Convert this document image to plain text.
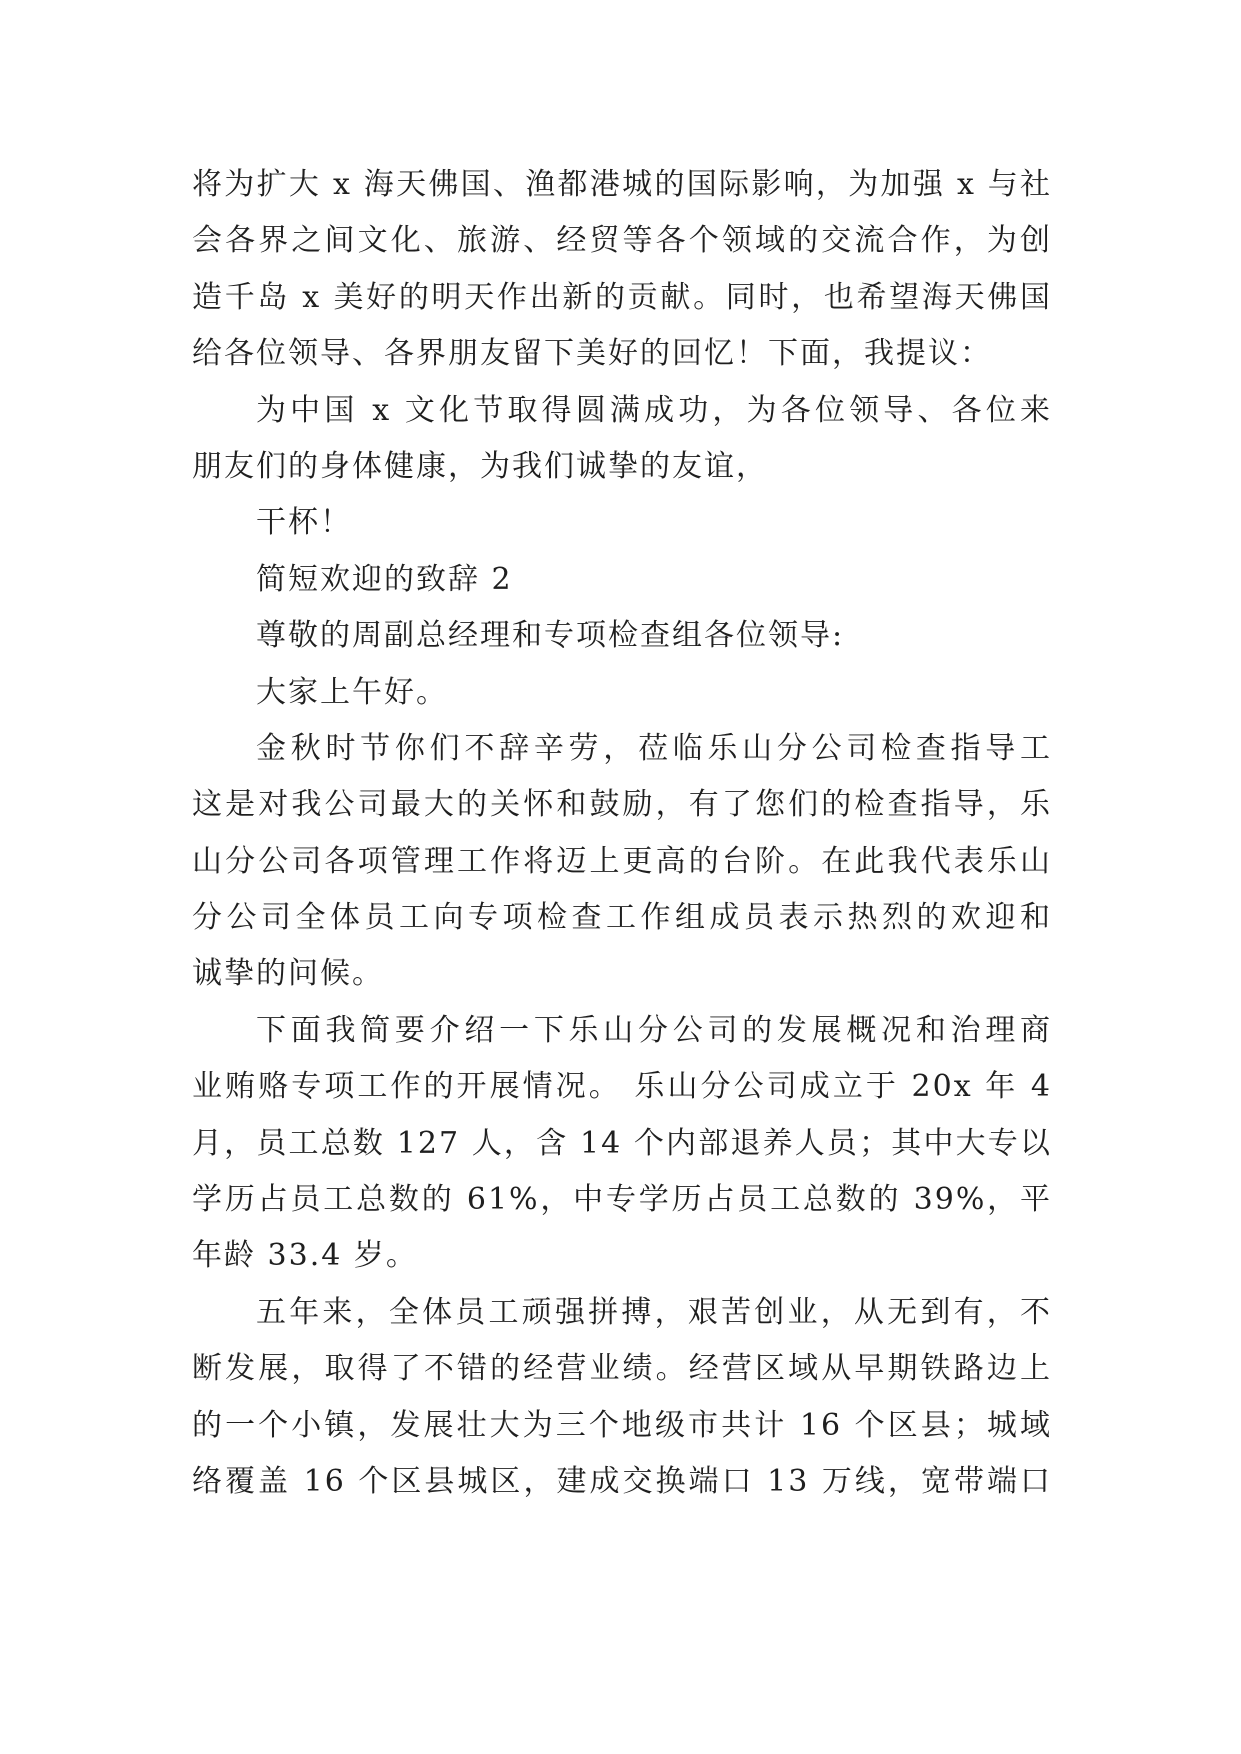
将为扩大 x 海天佛国、渔都港城的国际影响，为加强 x 与社
会各界之间文化、旅游、经贸等各个领域的交流合作，为创
造千岛 x 美好的明天作出新的贡献。同时，也希望海天佛国
给各位领导、各界朋友留下美好的回忆！下面，我提议：
为中国 x 文化节取得圆满成功，为各位领导、各位来
朋友们的身体健康，为我们诚挚的友谊，
干杯！
简短欢迎的致辞 2
尊敬的周副总经理和专项检查组各位领导:
大家上午好。
金秋时节你们不辞辛劳，莅临乐山分公司检查指导工
这是对我公司最大的关怀和鼓励，有了您们的检查指导，乐
山分公司各项管理工作将迈上更高的台阶。在此我代表乐山
分公司全体员工向专项检查工作组成员表示热烈的欢迎和
诚挚的问候。
下面我简要介绍一下乐山分公司的发展概况和治理商
业贿赂专项工作的开展情况。 乐山分公司成立于 20x 年 4
月，员工总数 127 人，含 14 个内部退养人员；其中大专以
学历占员工总数的 61%，中专学历占员工总数的 39%，平
年龄 33.4 岁。
五年来，全体员工顽强拼搏，艰苦创业，从无到有，不
断发展，取得了不错的经营业绩。经营区域从早期铁路边上
的一个小镇，发展壮大为三个地级市共计 16 个区县；城域
络覆盖 16 个区县城区，建成交换端口 13 万线，宽带端口
